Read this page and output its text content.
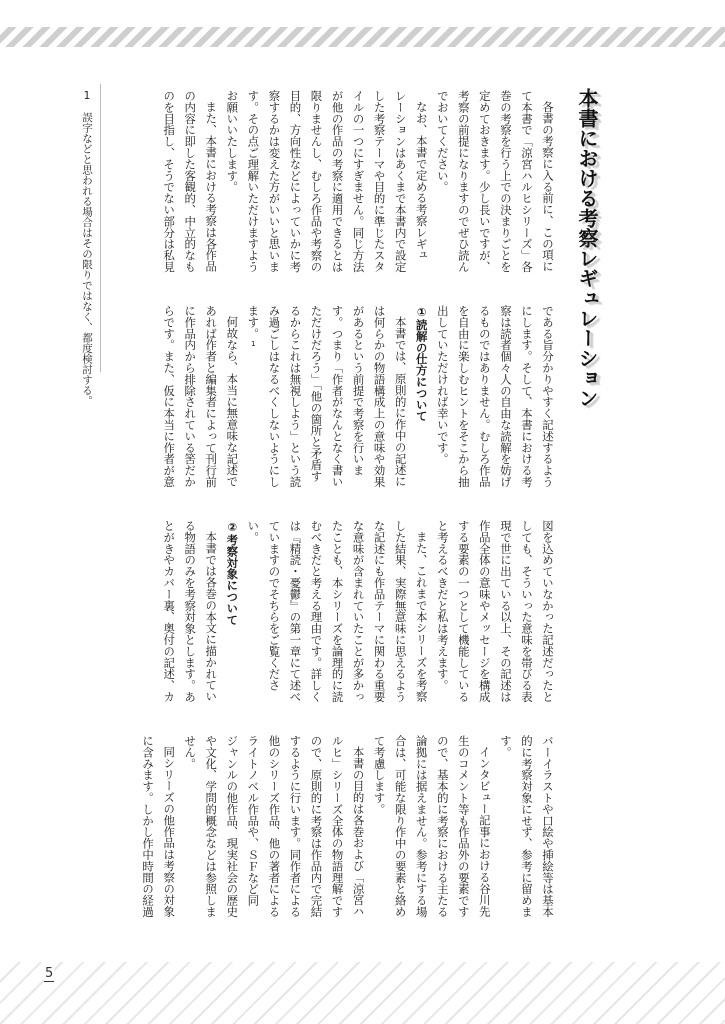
5
本書における考察レギュレーション
各書の考察に入る前に、この項に
て本書で「涼宮ハルヒシリーズ」各
巻の考察を行う上での決まりごとを
定めておきます。少し長いですが、
考察の前提になりますのでぜひ読ん
でおいてください。
なお、本書で定める考察レギュ
レーションはあくまで本書内で設定
した考察テーマや目的に準じたスタ
イルの一つにすぎません。同じ方法
が他の作品の考察に適用できるとは
限りませんし、むしろ作品や考察の
目的、方向性などによっていかに考
察するかは変えた方がいいと思いま
す。その点ご理解いただけますよう
お願いいたします。
また、本書における考察は各作品
の内容に即した客観的、中立的なも
のを目指し、そうでない部分は私見
である旨分かりやすく記述するよう
にします。そして、本書における考
察は読者個々人の自由な読解を妨げ
るものではありません。むしろ作品
を自由に楽しむヒントをそこから抽
出していただければ幸いです。
①読解の仕方について
本書では、原則的に作中の記述に
は何らかの物語構成上の意味や効果
があるという前提で考察を行いま
す。つまり「作者がなんとなく書い
ただけだろう」「他の箇所と矛盾す
るからこれは無視しよう」という読
み過ごしはなるべくしないようにし
ます。1
何故なら、本当に無意味な記述で
あれば作者と編集者によって刊行前
に作品内から排除されている筈だか
らです。また、仮に本当に作者が意
図を込めていなかった記述だったと
しても、そういった意味を帯びる表
現で世に出ている以上、その記述は
作品全体の意味やメッセージを構成
する要素の一つとして機能している
と考えるべきだと私は考えます。
また、これまで本シリーズを考察
した結果、実際無意味に思えるよう
な記述にも作品テーマに関わる重要
な意味が含まれていたことが多かっ
たことも、本シリーズを論理的に読
むべきだと考える理由です。詳しく
は『精読・憂鬱』の第一章にて述べ
ていますのでそちらをご覧くださ
い。
②考察対象について
本書では各巻の本文に描かれてい
る物語のみを考察対象とします。あ
とがきやカバー裏、奥付の記述、カ
バーイラストや口絵や挿絵等は基本
的に考察対象にせず、参考に留めま
す。
インタビュー記事における谷川先
生のコメント等も作品外の要素です
ので、基本的に考察における主たる
論拠には据えません。参考にする場
合は、可能な限り作中の要素と絡め
て考慮します。
本書の目的は各巻および「涼宮ハ
ルヒ」シリーズ全体の物語理解です
ので、原則的に考察は作品内で完結
するように行います。同作者による
他のシリーズ作品、他の著者による
ライトノベル作品や、ＳＦなど同
ジャンルの他作品、現実社会の歴史
や文化、学問的概念などは参照しま
せん。
同シリーズの他作品は考察の対象
に含みます。しかし作中時間の経過
1誤字などと思われる場合はその限りではなく、都度検討する。
